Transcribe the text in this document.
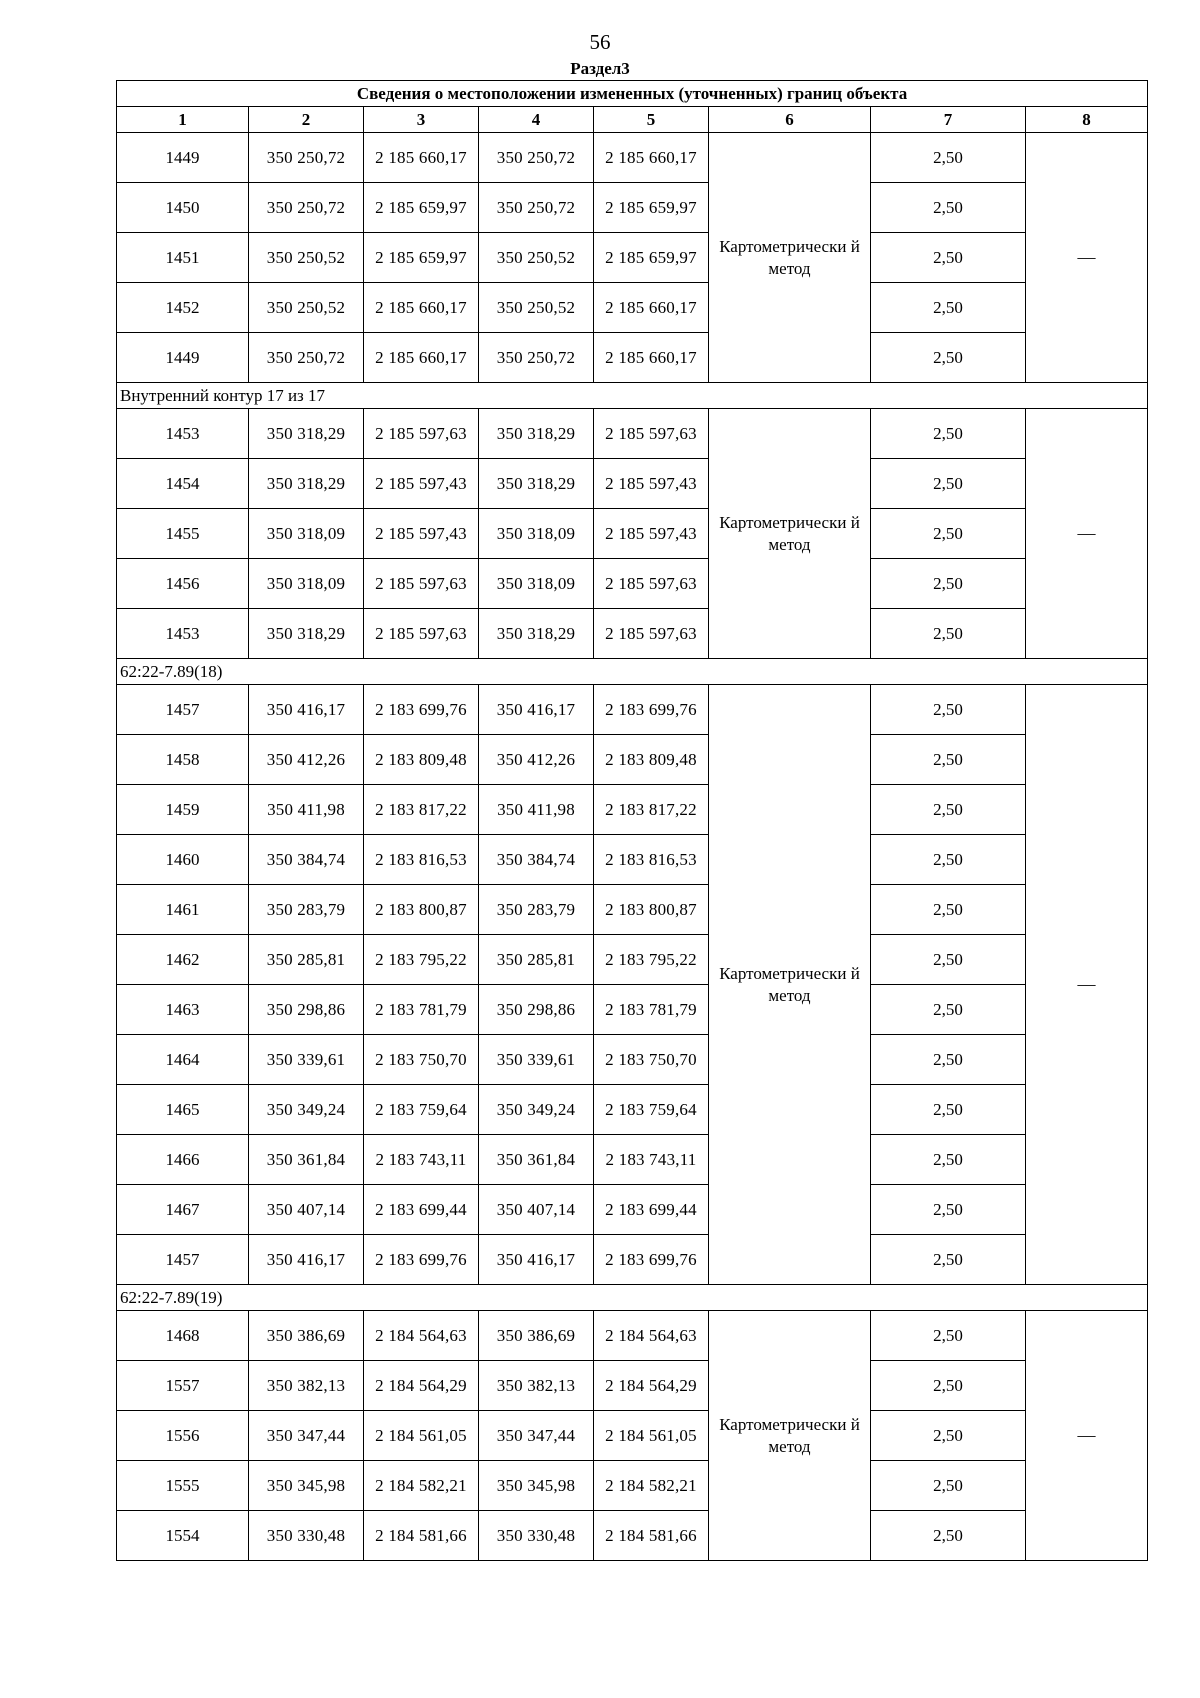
56
Раздел3
Сведения о местоположении измененных (уточненных) границ объекта							
1	2	3	4	5	6	7	8
1449	350 250,72	2 185 660,17	350 250,72	2 185 660,17	Картометрически й метод	2,50	—
1450	350 250,72	2 185 659,97	350 250,72	2 185 659,97		2,50	
1451	350 250,52	2 185 659,97	350 250,52	2 185 659,97		2,50	
1452	350 250,52	2 185 660,17	350 250,52	2 185 660,17		2,50	
1449	350 250,72	2 185 660,17	350 250,72	2 185 660,17		2,50	
Внутренний контур 17 из 17							
1453	350 318,29	2 185 597,63	350 318,29	2 185 597,63	Картометрически й метод	2,50	—
1454	350 318,29	2 185 597,43	350 318,29	2 185 597,43		2,50	
1455	350 318,09	2 185 597,43	350 318,09	2 185 597,43		2,50	
1456	350 318,09	2 185 597,63	350 318,09	2 185 597,63		2,50	
1453	350 318,29	2 185 597,63	350 318,29	2 185 597,63		2,50	
62:22-7.89(18)							
1457	350 416,17	2 183 699,76	350 416,17	2 183 699,76	Картометрически й метод	2,50	—
1458	350 412,26	2 183 809,48	350 412,26	2 183 809,48		2,50	
1459	350 411,98	2 183 817,22	350 411,98	2 183 817,22		2,50	
1460	350 384,74	2 183 816,53	350 384,74	2 183 816,53		2,50	
1461	350 283,79	2 183 800,87	350 283,79	2 183 800,87		2,50	
1462	350 285,81	2 183 795,22	350 285,81	2 183 795,22		2,50	
1463	350 298,86	2 183 781,79	350 298,86	2 183 781,79		2,50	
1464	350 339,61	2 183 750,70	350 339,61	2 183 750,70		2,50	
1465	350 349,24	2 183 759,64	350 349,24	2 183 759,64		2,50	
1466	350 361,84	2 183 743,11	350 361,84	2 183 743,11		2,50	
1467	350 407,14	2 183 699,44	350 407,14	2 183 699,44		2,50	
1457	350 416,17	2 183 699,76	350 416,17	2 183 699,76		2,50	
62:22-7.89(19)							
1468	350 386,69	2 184 564,63	350 386,69	2 184 564,63	Картометрически й метод	2,50	—
1557	350 382,13	2 184 564,29	350 382,13	2 184 564,29		2,50	
1556	350 347,44	2 184 561,05	350 347,44	2 184 561,05		2,50	
1555	350 345,98	2 184 582,21	350 345,98	2 184 582,21		2,50	
1554	350 330,48	2 184 581,66	350 330,48	2 184 581,66		2,50	
